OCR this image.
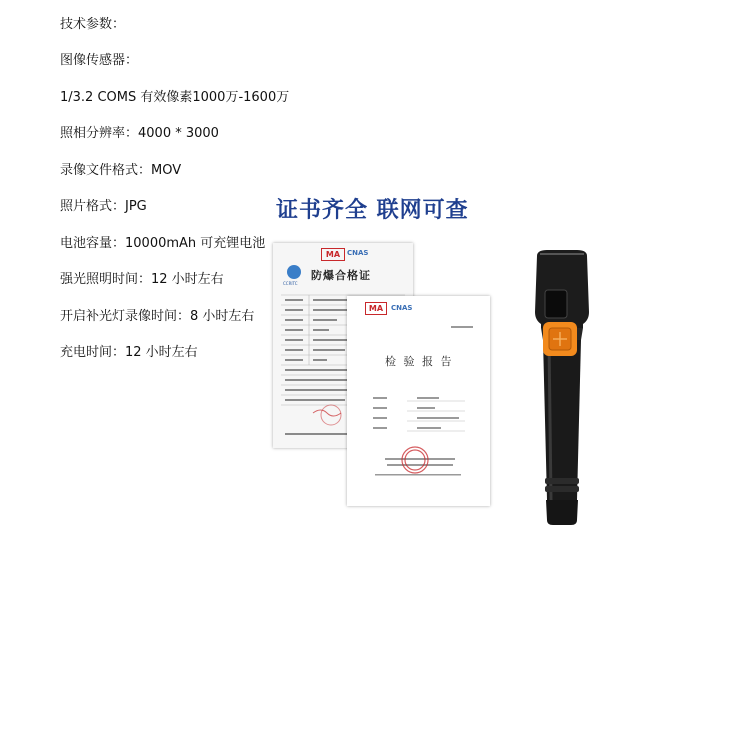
技术参数：
图像传感器：
1/3.2 COMS 有效像素1000万-1600万
照相分辨率：4000 * 3000
录像文件格式：MOV
照片格式：JPG
电池容量：10000mAh 可充锂电池
强光照明时间：12 小时左右
开启补光灯录像时间：8 小时左右
充电时间：12 小时左右
证书齐全 联网可查
MA CNAS
CCRITC
防爆合格证
MA	CNAS
检 验 报 告
